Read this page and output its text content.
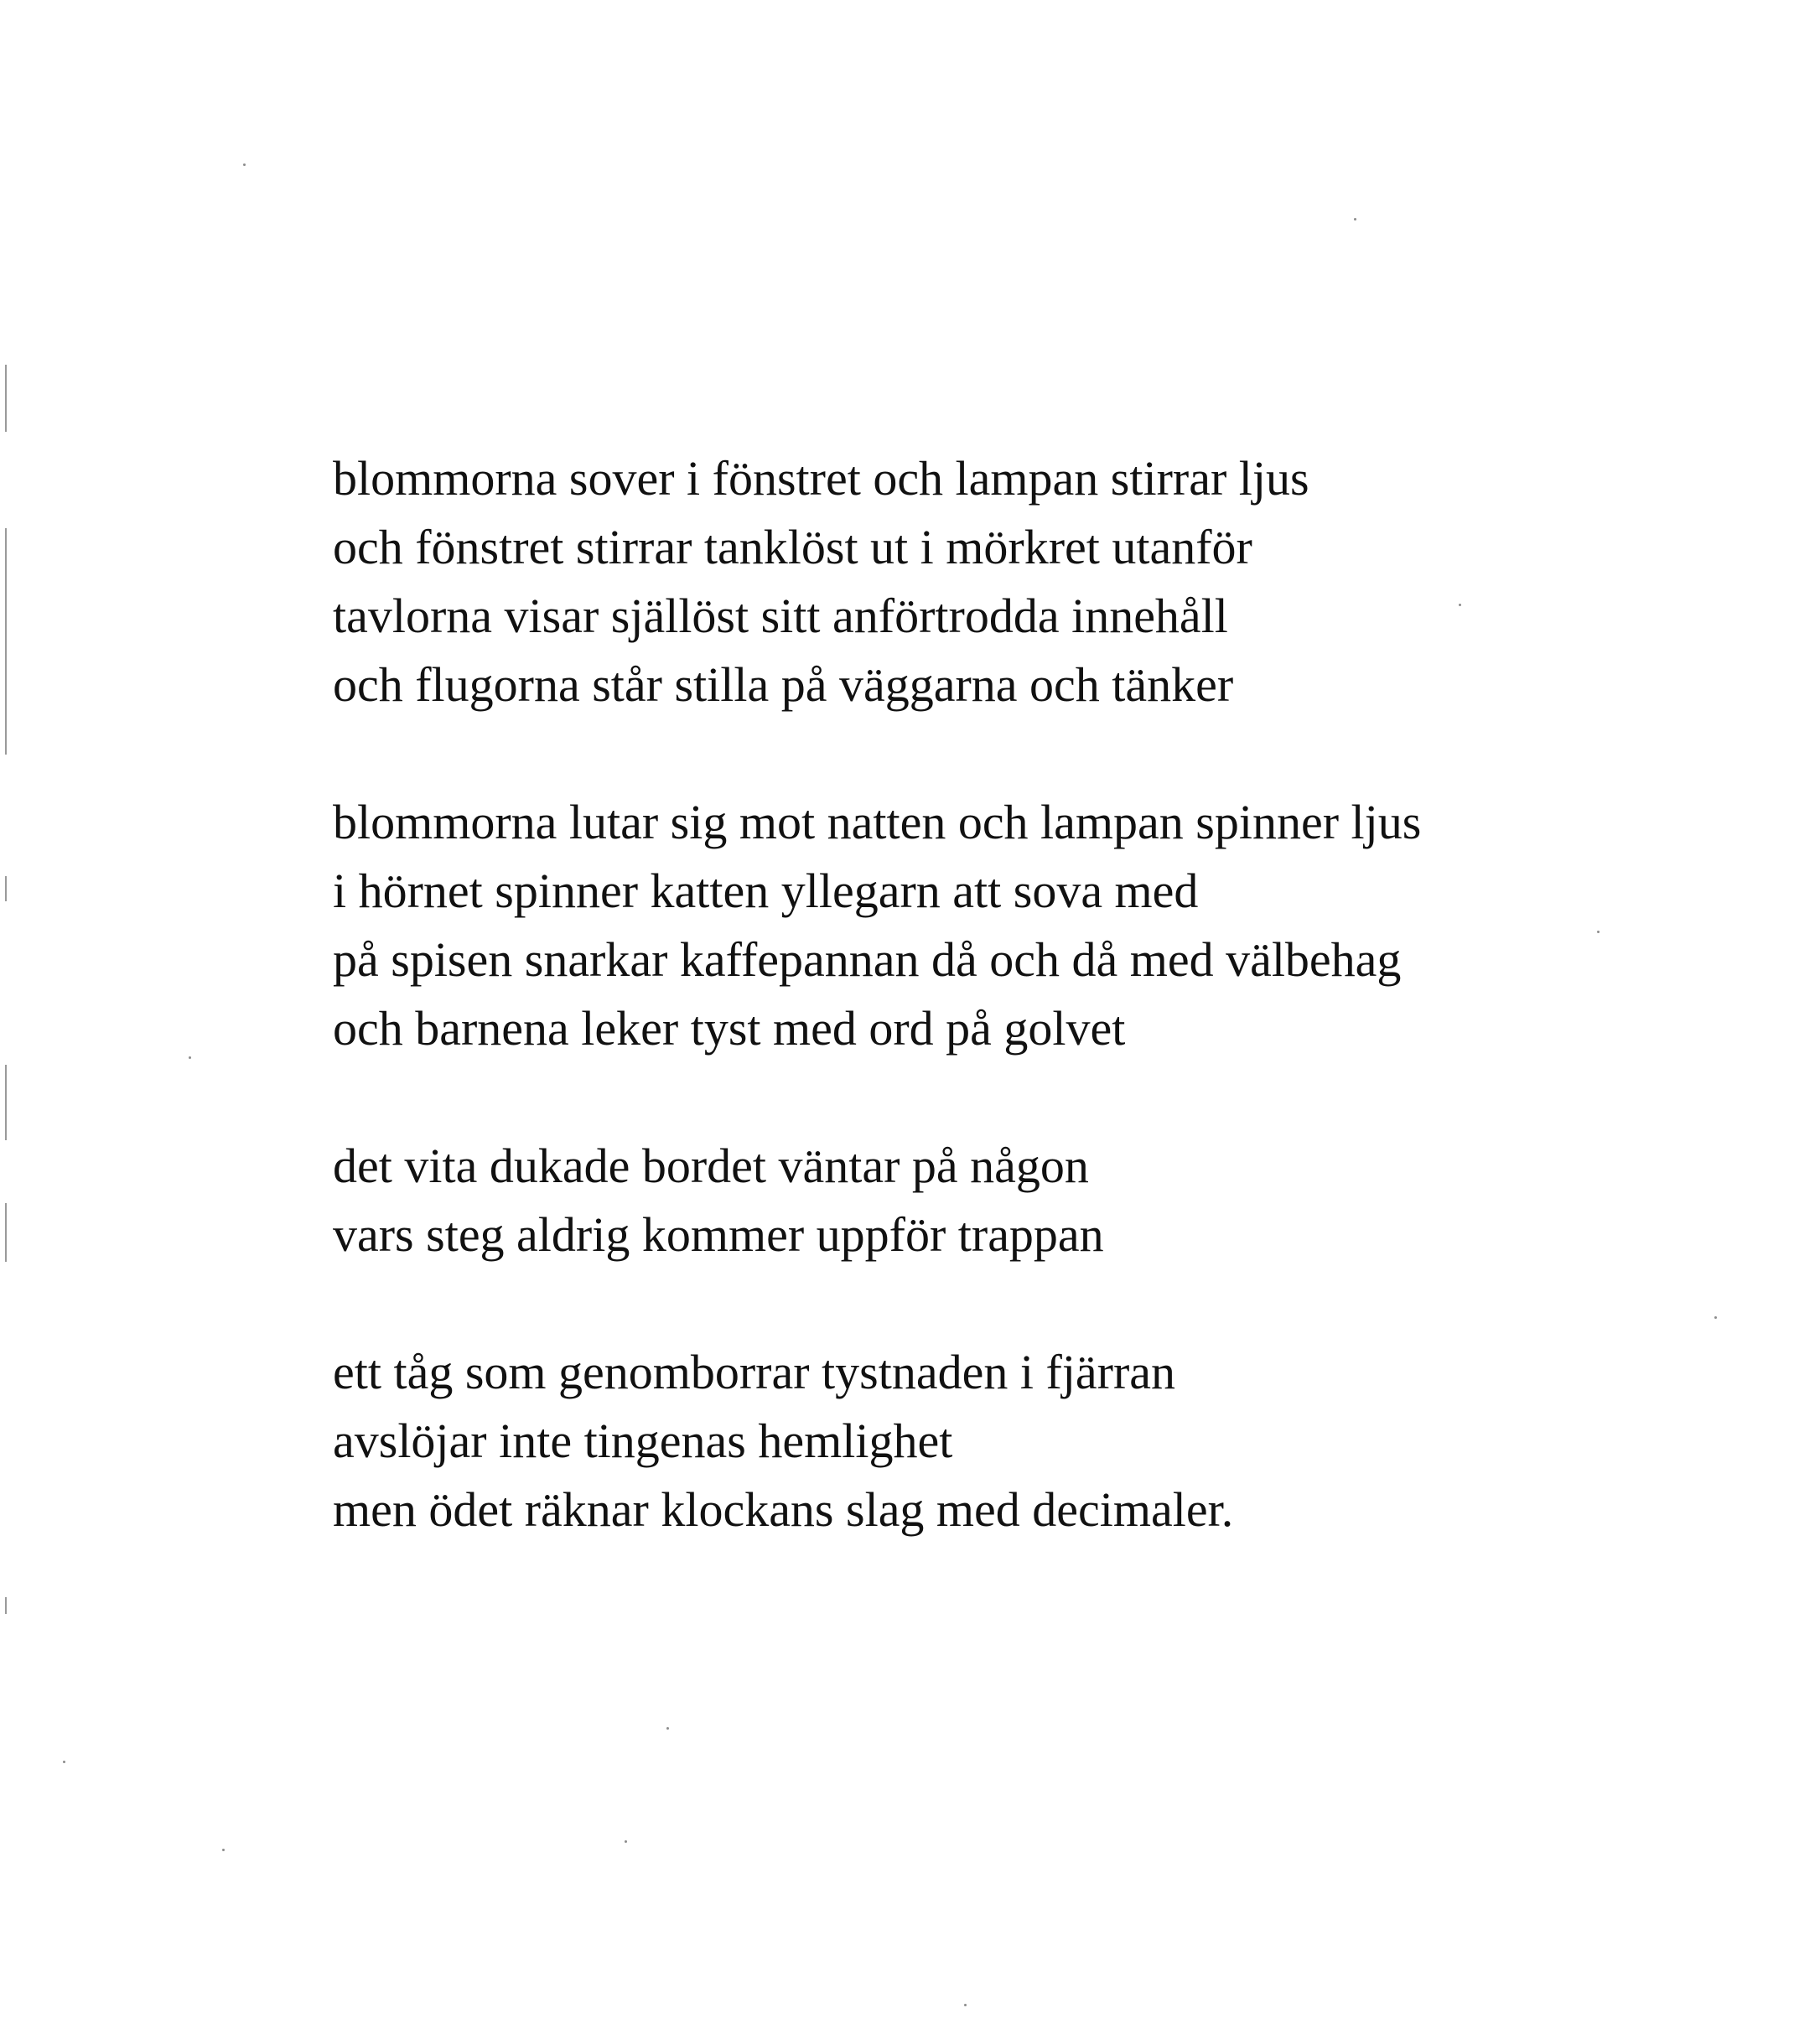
blommorna sover i fönstret och lampan stirrar ljus
och fönstret stirrar tanklöst ut i mörkret utanför
tavlorna visar själlöst sitt anförtrodda innehåll
och flugorna står stilla på väggarna och tänker
blommorna lutar sig mot natten och lampan spinner ljus
i hörnet spinner katten yllegarn att sova med
på spisen snarkar kaffepannan då och då med välbehag
och barnena leker tyst med ord på golvet
det vita dukade bordet väntar på någon
vars steg aldrig kommer uppför trappan
ett tåg som genomborrar tystnaden i fjärran
avslöjar inte tingenas hemlighet
men ödet räknar klockans slag med decimaler.
